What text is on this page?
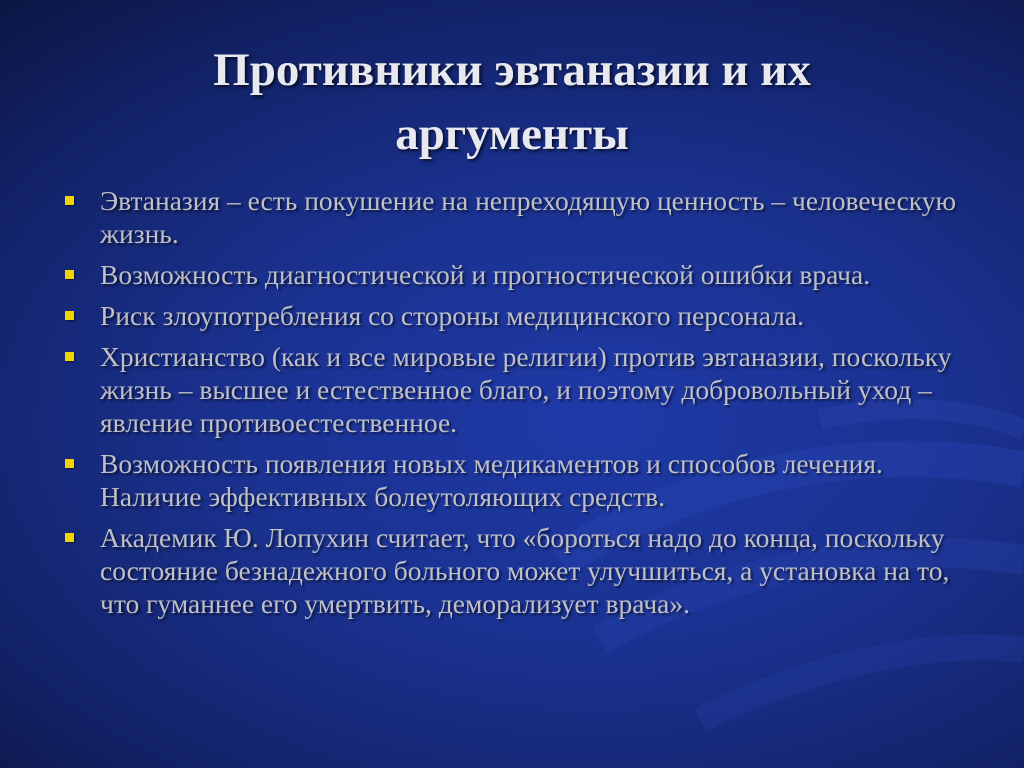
Противники эвтаназии и их
аргументы
Эвтаназия – есть покушение на непреходящую ценность – человеческую жизнь.
Возможность диагностической и прогностической ошибки врача.
Риск злоупотребления со стороны медицинского персонала.
Христианство (как и все мировые религии) против эвтаназии, поскольку жизнь – высшее и естественное благо, и поэтому добровольный уход – явление противоестественное.
Возможность появления новых медикаментов и способов лечения. Наличие эффективных болеутоляющих средств.
Академик Ю. Лопухин считает, что «бороться надо до конца, поскольку состояние безнадежного больного может улучшиться, а установка на то, что гуманнее его умертвить, деморализует врача».
